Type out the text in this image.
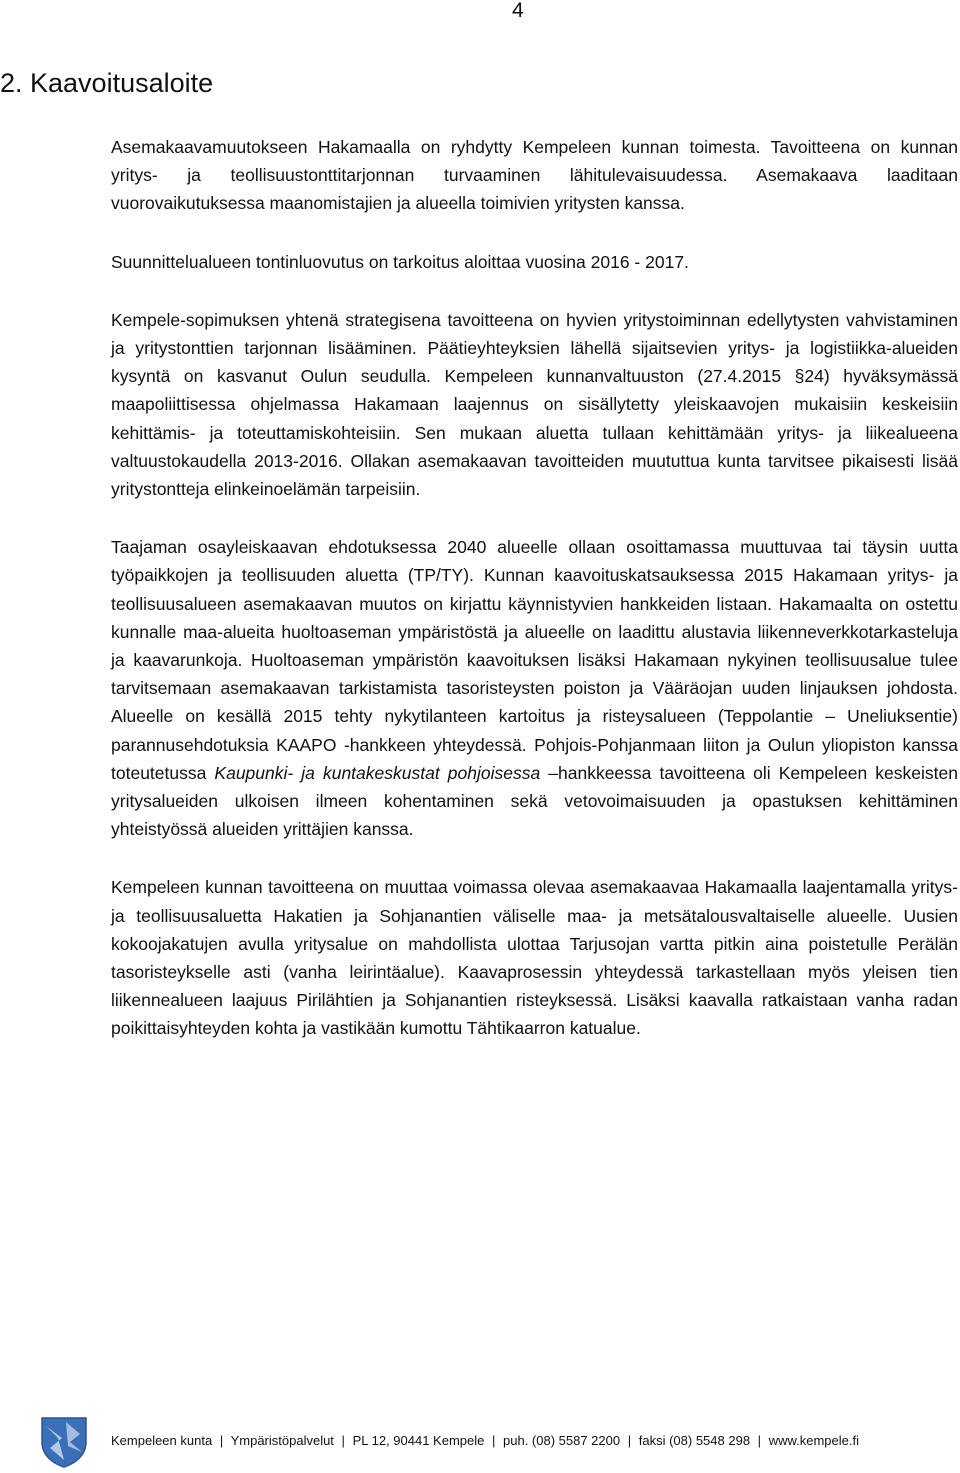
4
2. Kaavoitusaloite

Asemakaavamuutokseen Hakamaalla on ryhdytty Kempeleen kunnan toimesta. Tavoitteena on kunnan yritys- ja teollisuustonttitarjonnan turvaaminen lähitulevaisuudessa. Asemakaava laaditaan vuorovaikutuksessa maanomistajien ja alueella toimivien yritysten kanssa.

Suunnittelualueen tontinluovutus on tarkoitus aloittaa vuosina 2016 - 2017.

Kempele-sopimuksen yhtenä strategisena tavoitteena on hyvien yritystoiminnan edellytysten vahvistaminen ja yritystonttien tarjonnan lisääminen. Päätieyhteyksien lähellä sijaitsevien yritys- ja logistiikka-alueiden kysyntä on kasvanut Oulun seudulla. Kempeleen kunnanvaltuuston (27.4.2015 §24) hyväksymässä maapoliittisessa ohjelmassa Hakamaan laajennus on sisällytetty yleiskaavojen mukaisiin keskeisiin kehittämis- ja toteuttamiskohteisiin. Sen mukaan aluetta tullaan kehittämään yritys- ja liikealueena valtuustokaudella 2013-2016. Ollakan asemakaavan tavoitteiden muututtua kunta tarvitsee pikaisesti lisää yritystontteja elinkeinoelämän tarpeisiin.

Taajaman osayleiskaavan ehdotuksessa 2040 alueelle ollaan osoittamassa muuttuvaa tai täysin uutta työpaikkojen ja teollisuuden aluetta (TP/TY). Kunnan kaavoituskatsauksessa 2015 Hakamaan yritys- ja teollisuusalueen asemakaavan muutos on kirjattu käynnistyvien hankkeiden listaan. Hakamaalta on ostettu kunnalle maa-alueita huoltoaseman ympäristöstä ja alueelle on laadittu alustavia liikenneverkkotarkasteluja ja kaavarunkoja. Huoltoaseman ympäristön kaavoituksen lisäksi Hakamaan nykyinen teollisuusalue tulee tarvitsemaan asemakaavan tarkistamista tasoristeysten poiston ja Vääräojan uuden linjauksen johdosta. Alueelle on kesällä 2015 tehty nykytilanteen kartoitus ja risteysalueen (Teppolantie – Uneliuksentie) parannusehdotuksia KAAPO -hankkeen yhteydessä. Pohjois-Pohjanmaan liiton ja Oulun yliopiston kanssa toteutetussa Kaupunki- ja kuntakeskustat pohjoisessa –hankkeessa tavoitteena oli Kempeleen keskeisten yritysalueiden ulkoisen ilmeen kohentaminen sekä vetovoimaisuuden ja opastuksen kehittäminen yhteistyössä alueiden yrittäjien kanssa.

Kempeleen kunnan tavoitteena on muuttaa voimassa olevaa asemakaavaa Hakamaalla laajentamalla yritys- ja teollisuusaluetta Hakatien ja Sohjanantien väliselle maa- ja metsätalousvaltaiselle alueelle. Uusien kokoojakatujen avulla yritysalue on mahdollista ulottaa Tarjusojan vartta pitkin aina poistetulle Perälän tasoristeykselle asti (vanha leirintäalue). Kaavaprosessin yhteydessä tarkastellaan myös yleisen tien liikennealueen laajuus Pirilähtien ja Sohjanantien risteyksessä. Lisäksi kaavalla ratkaistaan vanha radan poikittaisyhteyden kohta ja vastikään kumottu Tähtikaarron katualue.

Kempeleen kunta | Ympäristöpalvelut | PL 12, 90441 Kempele | puh. (08) 5587 2200 | faksi (08) 5548 298 | www.kempele.fi
